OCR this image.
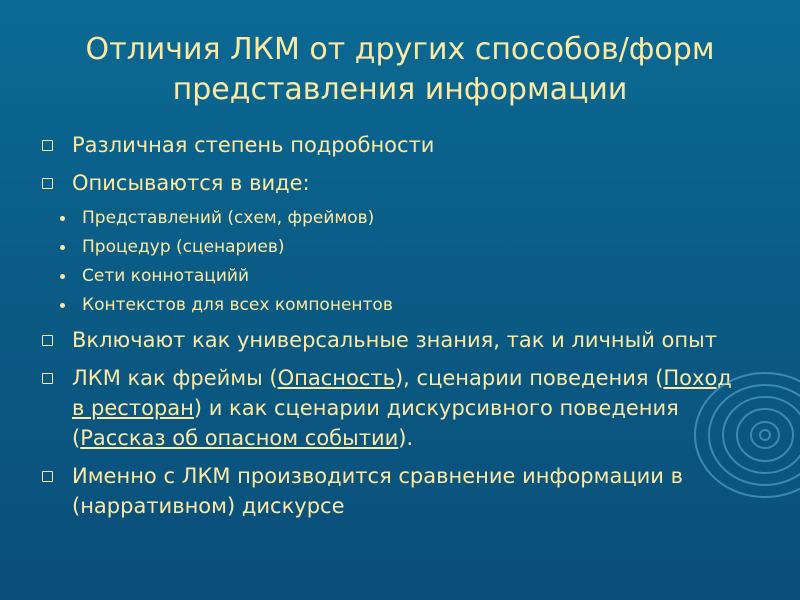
Отличия ЛКМ от других способов/форм
представления информации
Различная степень подробности
Описываются в виде:
Представлений (схем, фреймов)
Процедур (сценариев)
Сети коннотацийй
Контекстов для всех компонентов
Включают как универсальные знания, так и личный опыт
ЛКМ как фреймы (Опасность), сценарии поведения (Поход в ресторан) и как сценарии дискурсивного поведения (Рассказ об опасном событии).
Именно с ЛКМ производится сравнение информации в (нарративном) дискурсе
